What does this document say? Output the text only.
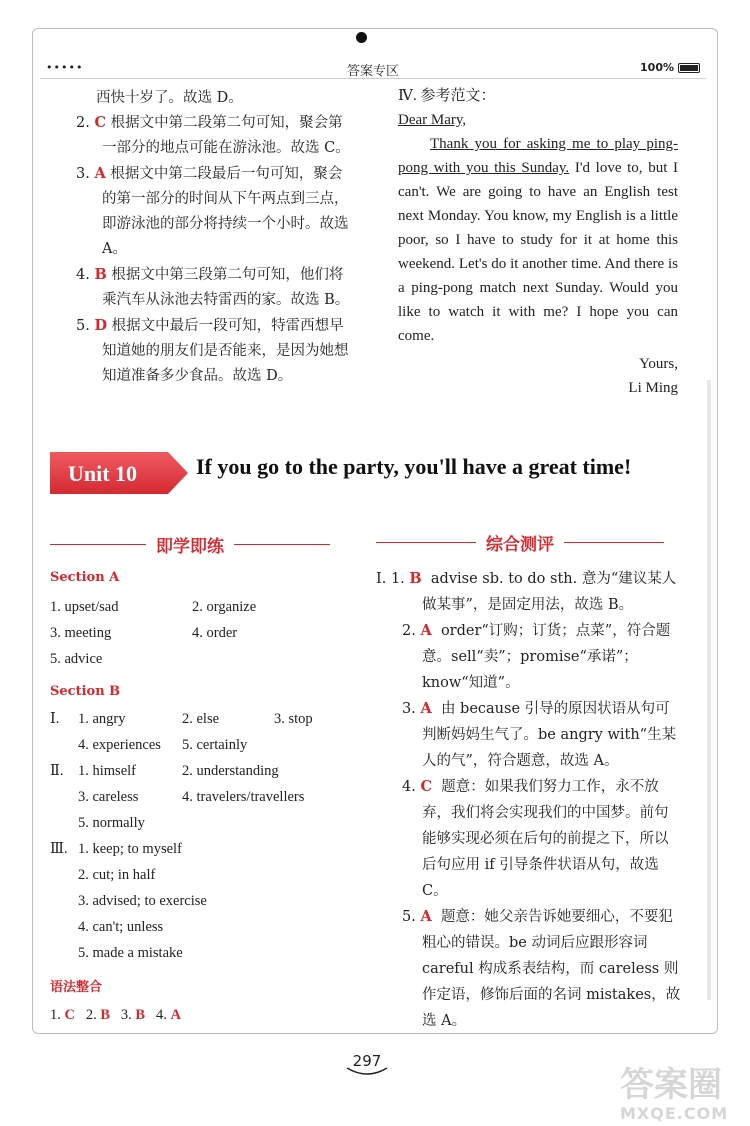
•••••	答案专区	100%
西快十岁了。故选 D。
2. C 根据文中第二段第二句可知，聚会第一部分的地点可能在游泳池。故选 C。
3. A 根据文中第二段最后一句可知，聚会的第一部分的时间从下午两点到三点，即游泳池的部分将持续一个小时。故选 A。
4. B 根据文中第三段第二句可知，他们将乘汽车从泳池去特雷西的家。故选 B。
5. D 根据文中最后一段可知，特雷西想早知道她的朋友们是否能来，是因为她想知道准备多少食品。故选 D。
Ⅳ. 参考范文：
Dear Mary,
Thank you for asking me to play ping-pong with you this Sunday. I'd love to, but I can't. We are going to have an English test next Monday. You know, my English is a little poor, so I have to study for it at home this weekend. Let's do it another time. And there is a ping-pong match next Sunday. Would you like to watch it with me? I hope you can come.
Yours,
Li Ming
Unit 10	If you go to the party, you'll have a great time!
即学即练	综合测评
Section A
1. upset/sad	2. organize
3. meeting	4. order
5. advice
Section B
Ⅰ.	1. angry	2. else	3. stop
4. experiences	5. certainly
Ⅱ.	1. himself	2. understanding
3. careless	4. travelers/travellers
5. normally
Ⅲ. 1. keep; to myself
2. cut; in half
3. advised; to exercise
4. can't; unless
5. made a mistake
语法整合
1. C 2. B 3. B 4. A
Ⅰ. 1. B advise sb. to do sth. 意为“建议某人做某事”，是固定用法，故选 B。
2. A order“订购；订货；点菜”，符合题意。sell“卖”；promise“承诺”；know“知道”。
3. A 由 because 引导的原因状语从句可判断妈妈生气了。be angry with“生某人的气”，符合题意，故选 A。
4. C 题意：如果我们努力工作，永不放弃，我们将会实现我们的中国梦。前句能够实现必须在后句的前提之下，所以后句应用 if 引导条件状语从句，故选 C。
5. A 题意：她父亲告诉她要细心，不要犯粗心的错误。be 动词后应跟形容词 careful 构成系表结构，而 careless 则作定语，修饰后面的名词 mistakes，故选 A。
297
答案圈
MXQE.COM
